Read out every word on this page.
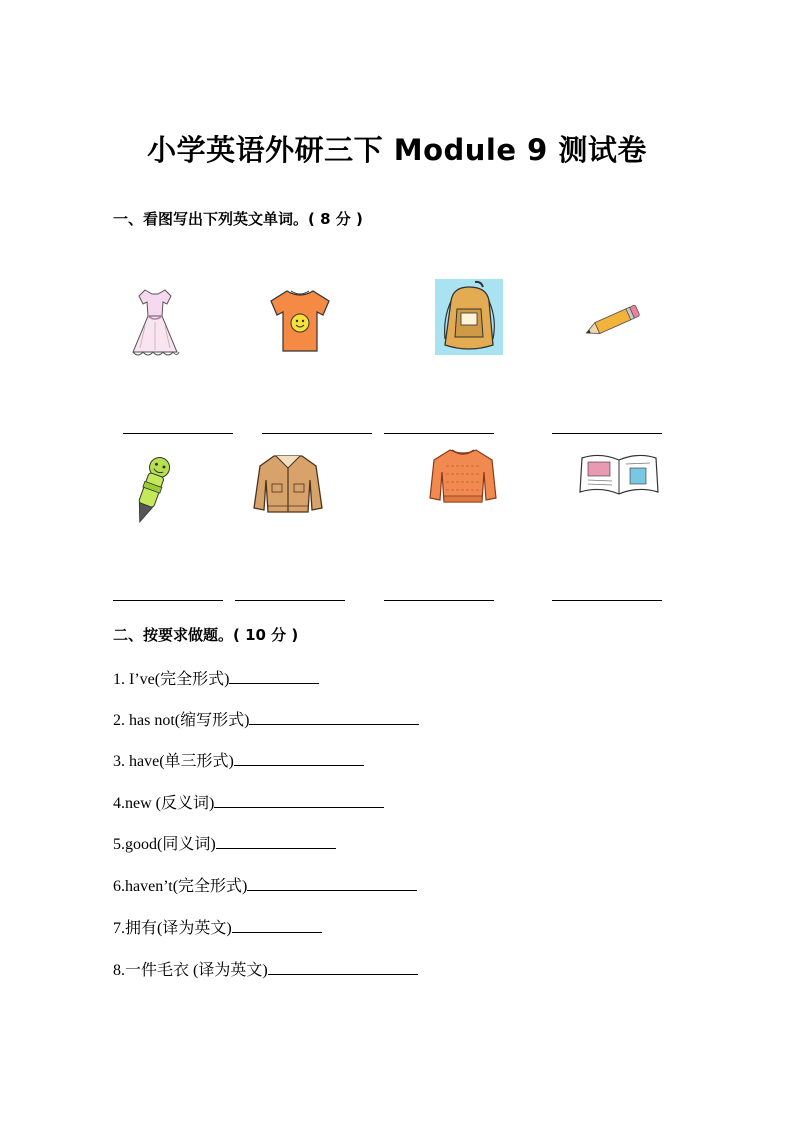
小学英语外研三下 Module 9 测试卷
一、看图写出下列英文单词。( 8 分 )
二、按要求做题。( 10 分 )
1. I’ve(完全形式)
2. has not(缩写形式)
3. have(单三形式)
4.new (反义词)
5.good(同义词)
6.haven’t(完全形式)
7.拥有(译为英文)
8.一件毛衣 (译为英文)
